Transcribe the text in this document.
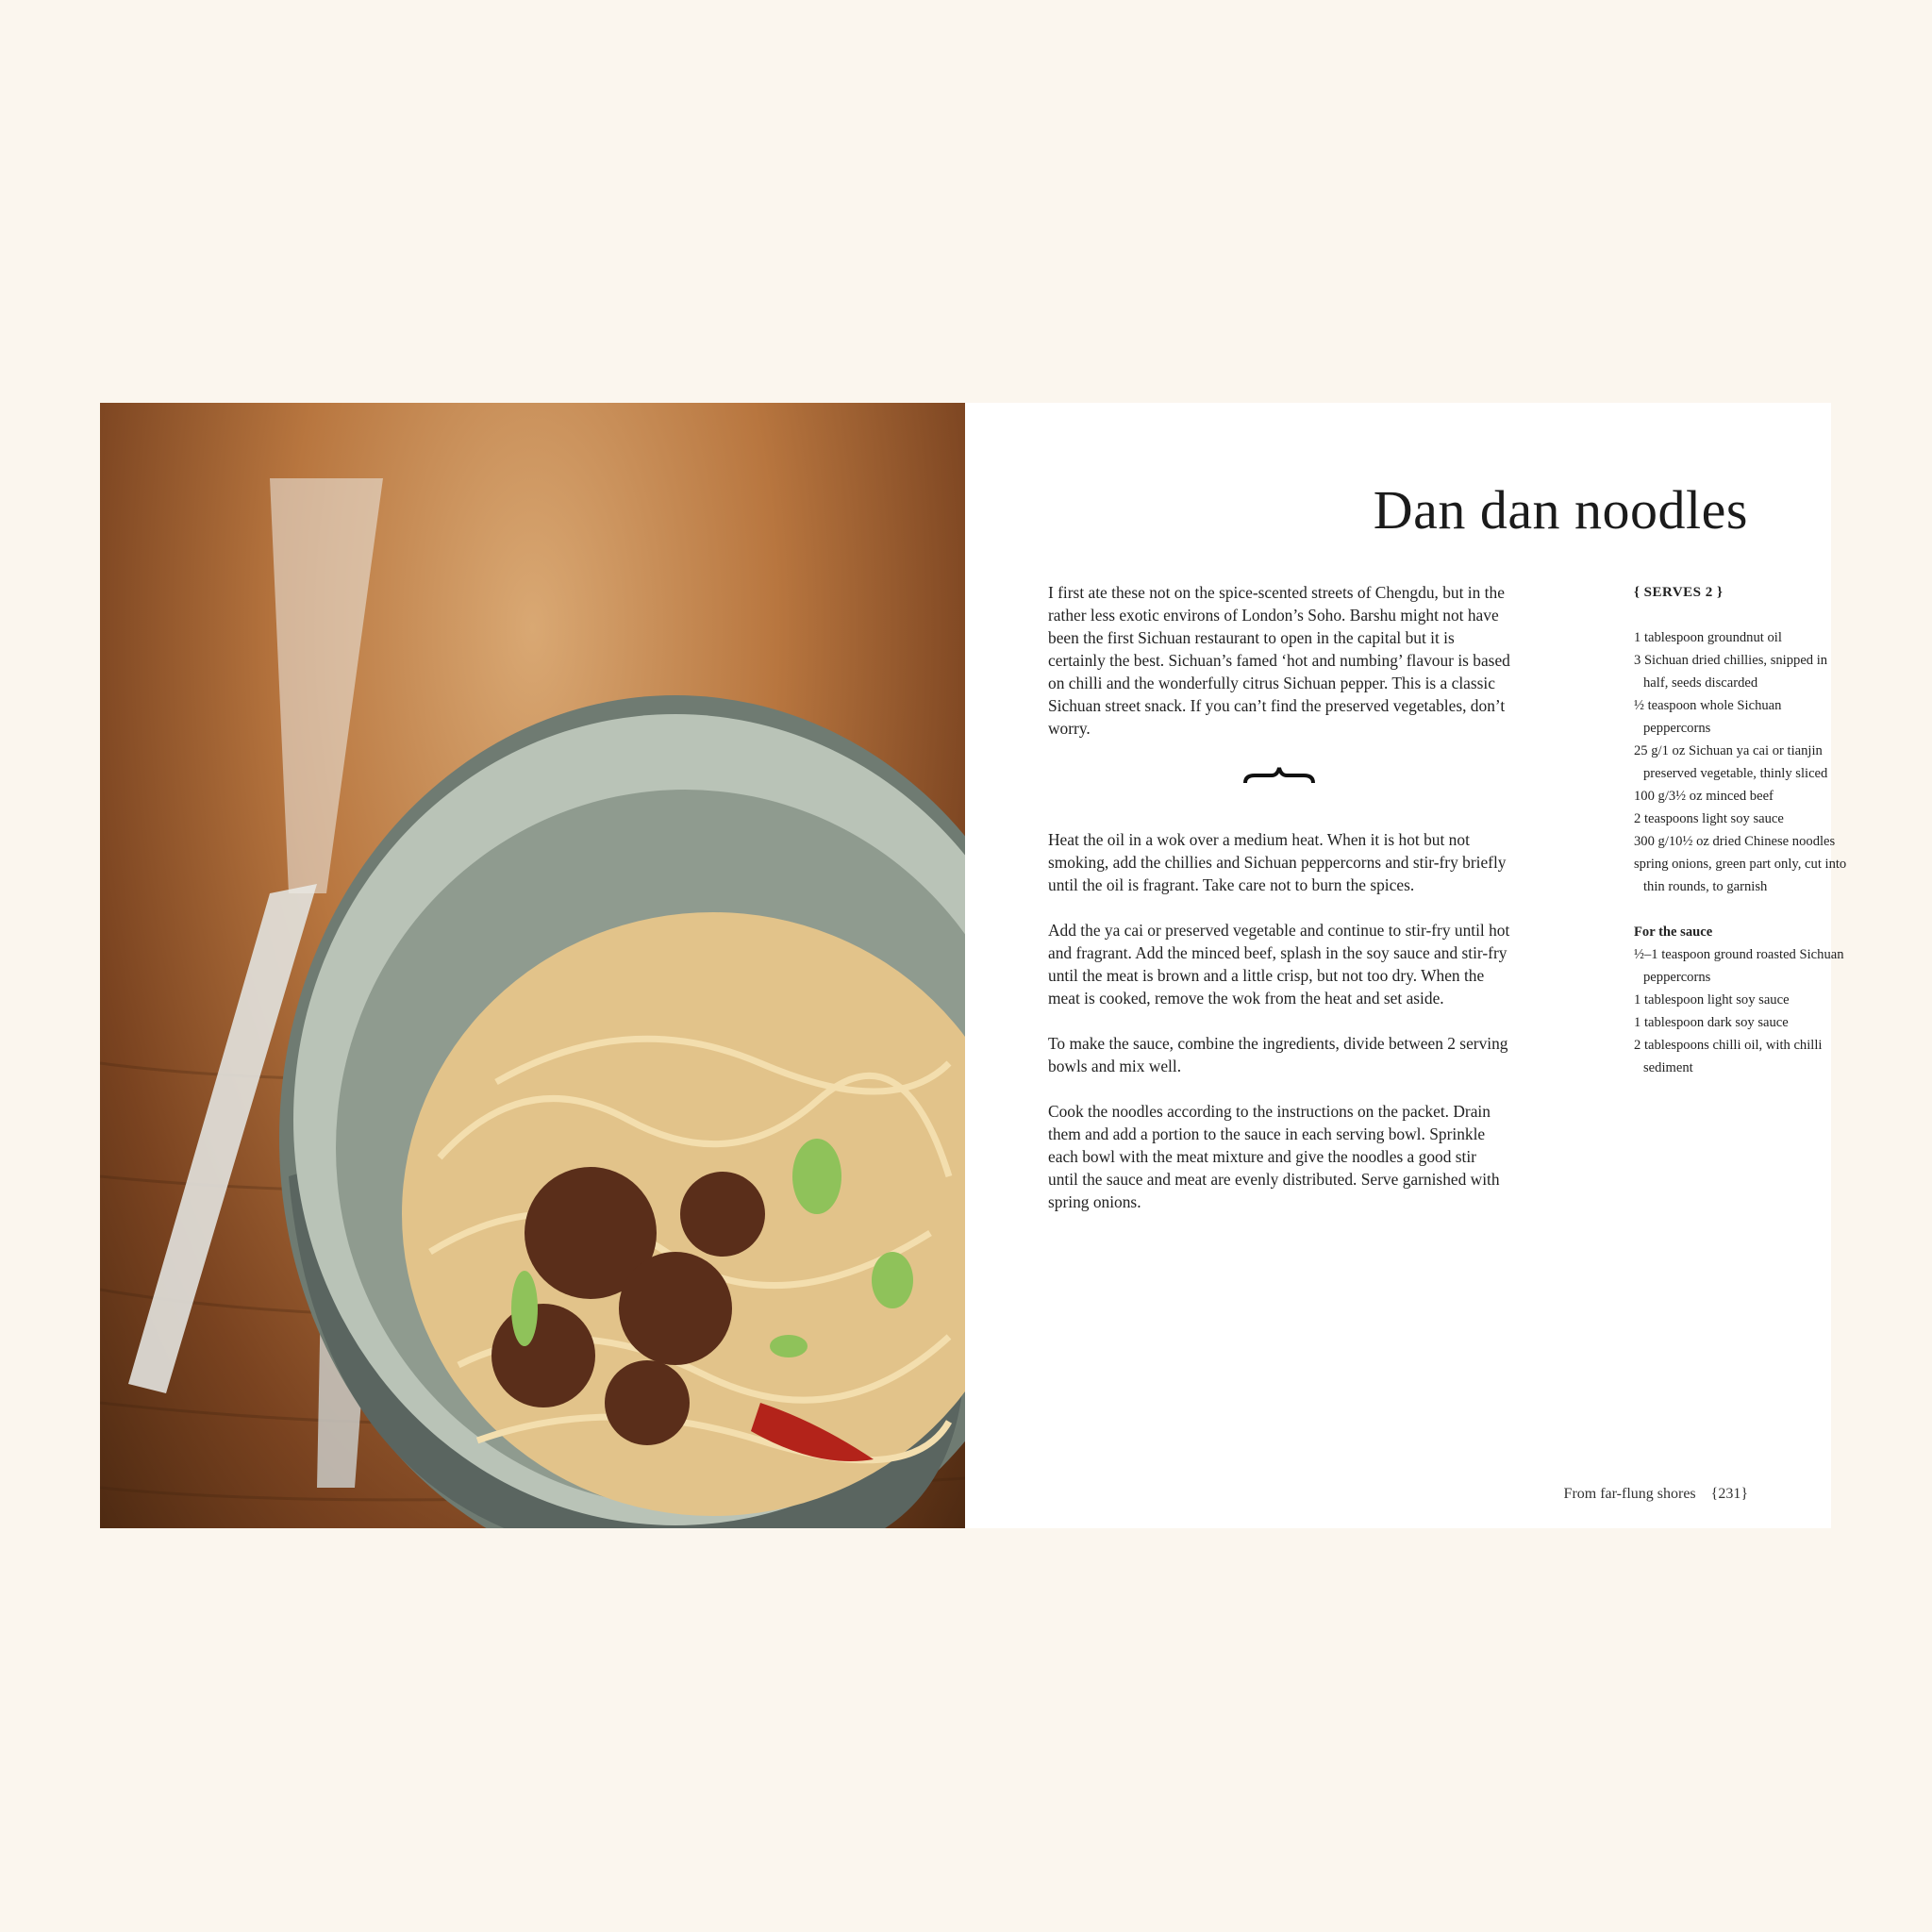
Dan dan noodles

I first ate these not on the spice-scented streets of Chengdu, but in the rather less exotic environs of London’s Soho. Barshu might not have been the first Sichuan restaurant to open in the capital but it is certainly the best. Sichuan’s famed ‘hot and numbing’ flavour is based on chilli and the wonderfully citrus Sichuan pepper. This is a classic Sichuan street snack. If you can’t find the preserved vegetables, don’t worry.

Heat the oil in a wok over a medium heat. When it is hot but not smoking, add the chillies and Sichuan peppercorns and stir-fry briefly until the oil is fragrant. Take care not to burn the spices.

Add the ya cai or preserved vegetable and continue to stir-fry until hot and fragrant. Add the minced beef, splash in the soy sauce and stir-fry until the meat is brown and a little crisp, but not too dry. When the meat is cooked, remove the wok from the heat and set aside.

To make the sauce, combine the ingredients, divide between 2 serving bowls and mix well.

Cook the noodles according to the instructions on the packet. Drain them and add a portion to the sauce in each serving bowl. Sprinkle each bowl with the meat mixture and give the noodles a good stir until the sauce and meat are evenly distributed. Serve garnished with spring onions.

{ SERVES 2 }
1 tablespoon groundnut oil
3 Sichuan dried chillies, snipped in half, seeds discarded
½ teaspoon whole Sichuan peppercorns
25 g/1 oz Sichuan ya cai or tianjin preserved vegetable, thinly sliced
100 g/3½ oz minced beef
2 teaspoons light soy sauce
300 g/10½ oz dried Chinese noodles
spring onions, green part only, cut into thin rounds, to garnish
For the sauce
½–1 teaspoon ground roasted Sichuan peppercorns
1 tablespoon light soy sauce
1 tablespoon dark soy sauce
2 tablespoons chilli oil, with chilli sediment
From far-flung shores {231}
